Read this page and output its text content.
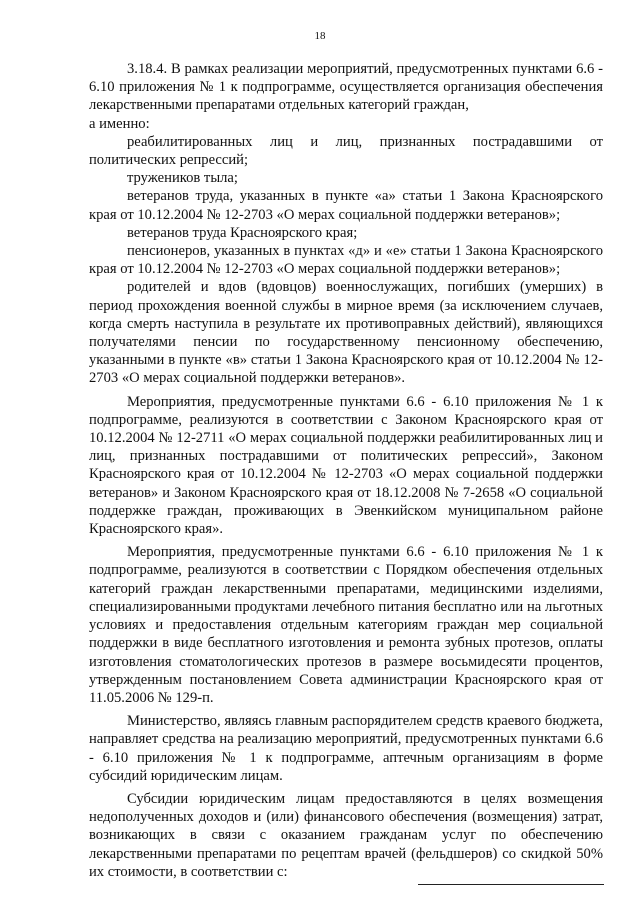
18

3.18.4. В рамках реализации мероприятий, предусмотренных пунктами 6.6 - 6.10 приложения № 1 к подпрограмме, осуществляется организация обеспечения лекарственными препаратами отдельных категорий граждан,

а именно:

реабилитированных лиц и лиц, признанных пострадавшими от политических репрессий;

тружеников тыла;

ветеранов труда, указанных в пункте «а» статьи 1 Закона Красноярского края от 10.12.2004 № 12-2703 «О мерах социальной поддержки ветеранов»;

ветеранов труда Красноярского края;

пенсионеров, указанных в пунктах «д» и «е» статьи 1 Закона Красноярского края от 10.12.2004 № 12-2703 «О мерах социальной поддержки ветеранов»;

родителей и вдов (вдовцов) военнослужащих, погибших (умерших) в период прохождения военной службы в мирное время (за исключением случаев, когда смерть наступила в результате их противоправных действий), являющихся получателями пенсии по государственному пенсионному обеспечению, указанными в пункте «в» статьи 1 Закона Красноярского края от 10.12.2004 № 12-2703 «О мерах социальной поддержки ветеранов».

Мероприятия, предусмотренные пунктами 6.6 - 6.10 приложения № 1 к подпрограмме, реализуются в соответствии с Законом Красноярского края от 10.12.2004 № 12-2711 «О мерах социальной поддержки реабилитированных лиц и лиц, признанных пострадавшими от политических репрессий», Законом Красноярского края от 10.12.2004 № 12-2703 «О мерах социальной поддержки ветеранов» и Законом Красноярского края от 18.12.2008 № 7-2658 «О социальной поддержке граждан, проживающих в Эвенкийском муниципальном районе Красноярского края».

Мероприятия, предусмотренные пунктами 6.6 - 6.10 приложения № 1 к подпрограмме, реализуются в соответствии с Порядком обеспечения отдельных категорий граждан лекарственными препаратами, медицинскими изделиями, специализированными продуктами лечебного питания бесплатно или на льготных условиях и предоставления отдельным категориям граждан мер социальной поддержки в виде бесплатного изготовления и ремонта зубных протезов, оплаты изготовления стоматологических протезов в размере восьмидесяти процентов, утвержденным постановлением Совета администрации Красноярского края от 11.05.2006 № 129-п.

Министерство, являясь главным распорядителем средств краевого бюджета, направляет средства на реализацию мероприятий, предусмотренных пунктами 6.6 - 6.10 приложения № 1 к подпрограмме, аптечным организациям в форме субсидий юридическим лицам.

Субсидии юридическим лицам предоставляются в целях возмещения недополученных доходов и (или) финансового обеспечения (возмещения) затрат, возникающих в связи с оказанием гражданам услуг по обеспечению лекарственными препаратами по рецептам врачей (фельдшеров) со скидкой 50% их стоимости, в соответствии с:
